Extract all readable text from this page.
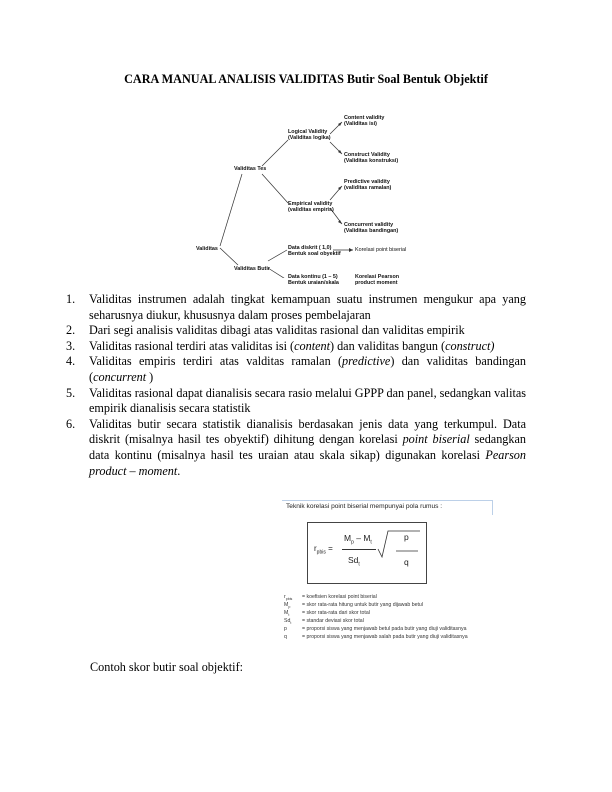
CARA MANUAL ANALISIS VALIDITAS Butir Soal Bentuk Objektif
Validitas
Validitas Tes
Validitas Butir
Logical Validity
(Validitas logika)
Content validity
(Validitas isi)
Construct Validity
(Validitas konstruksi)
Empirical validity
(validitas empiris)
Predictive validity
(validitas ramalan)
Concurrent validity
(Validitas bandingan)
Data diskrit ( 1,0)
Bentuk soal obyektif
Korelasi point biserial
Data kontinu (1 – 5)
Bentuk uraian/skala
Korelasi Pearson
product moment
1. Validitas instrumen adalah tingkat kemampuan suatu instrumen mengukur apa yang seharusnya diukur, khususnya dalam proses pembelajaran
2. Dari segi analisis validitas dibagi atas validitas rasional dan validitas empirik
3. Validitas rasional terdiri atas validitas isi (content) dan validitas bangun (construct)
4. Validitas empiris terdiri atas valditas ramalan (predictive) dan validitas bandingan (concurrent )
5. Validitas rasional dapat dianalisis secara rasio melalui GPPP dan panel, sedangkan valitas empirik dianalisis secara statistik
6. Validitas butir secara statistik dianalisis berdasakan jenis data yang terkumpul. Data diskrit (misalnya hasil tes obyektif) dihitung dengan korelasi point biserial sedangkan data kontinu (misalnya hasil tes uraian atau skala sikap) digunakan korelasi Pearson product – moment.
Teknik korelasi point biserial mempunyai pola rumus :
$r_{pbis}$ =
$M_p - M_t$
$Sd_t$
p
q
$r_{pbis}$ = koefisien korelasi point biserial
$M_p$ = skor rata-rata hitung untuk butir yang dijawab betul
$M_t$ = skor rata-rata dari skor total
$Sd_t$ = standar deviasi skor total
p	= proporsi siswa yang menjawab betul pada butir yang diuji validitasnya
q	= proporsi siswa yang menjawab salah pada butir yang diuji validitasnya
Contoh skor butir soal objektif:
